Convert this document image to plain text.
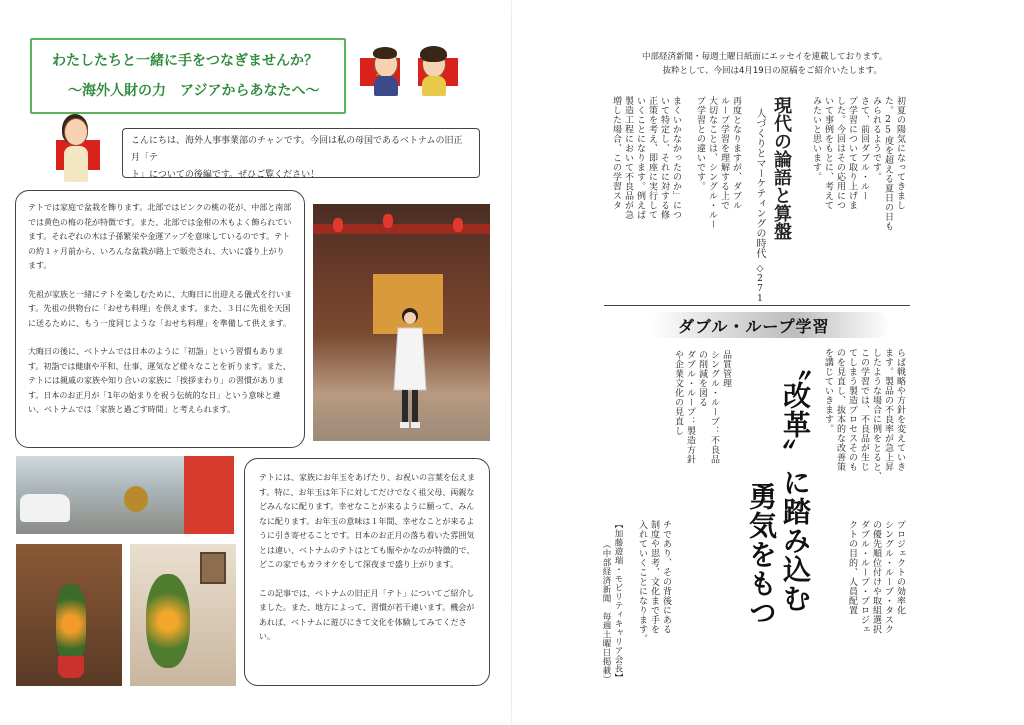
わたしたちと一緒に手をつなぎませんか？
～海外人財の力　アジアからあなたへ～
★
★
★
こんにちは、海外人事事業部のチャンです。今回は私の母国であるベトナムの旧正月「テ
ト」についての後編です。ぜひご覧ください！

テトでは家庭で盆栽を飾ります。北部ではピンクの桃の花が、中部と南部では黄色の梅の花が特徴です。また、北部では金柑の木もよく飾られています。それぞれの木は子孫繁栄や金運アップを意味しているのです。テトの約１ヶ月前から、いろんな盆栽が路上で販売され、大いに盛り上がります。

先祖が家族と一緒にテトを楽しむために、大晦日に出迎える儀式を行います。先祖の供物台に「おせち料理」を供えます。また、３日に先祖を天国に送るために、もう一度同じような「おせち料理」を準備して供えます。

大晦日の後に、ベトナムでは日本のように「初詣」という習慣もあります。初詣では健康や平和、仕事、運気など様々なことを祈ります。また、テトには親戚の家族や知り合いの家族に「挨拶まわり」の習慣があります。日本のお正月が「1年の始まりを祝う伝統的な日」という意味と違い、ベトナムでは「家族と過ごす時間」と考えられます。

テトには、家族にお年玉をあげたり、お祝いの言葉を伝えます。特に、お年玉は年下に対してだけでなく祖父母、両親などみんなに配ります。幸せなことが来るように願って、みんなに配ります。お年玉の意味は１年間、幸せなことが来るように引き寄せることです。日本のお正月の落ち着いた雰囲気とは違い、ベトナムのテトはとても賑やかなのが特徴的で、どこの家でもカラオケをして深夜まで盛り上がります。

この記事では、ベトナムの旧正月「テト」についてご紹介しました。また、地方によって、習慣が若干違います。機会があれば、ベトナムに遊びにきて文化を体験してみてください。

中部経済新聞・毎週土曜日紙面にエッセイを連載しております。
抜粋として、今回は4月19日の原稿をご紹介いたします。
初夏の陽気になってきまし
た。25度を超える夏日の日も
みられるようです。
さて、前回ダブル・ルー
プ学習について取り上げま
した。今回はその応用につ
いて事例をもとに、考えて
みたいと思います。
現代の論語と算盤
人づくりとマーケティングの時代
◇271
再度となりますが、ダブル
ループ学習を理解する上で
大切なことは、シングル・ルー
プ学習との違いです。
まくいかなかったのか」につ
いて特定し、それに対する修
正策を考え、即座に実行して
いくことになります。例えば
製造工程において不良品が急
増した場合、この学習スタ
ダブル・ループ学習
らば戦略や方針を変えていき
ます。製品の不良率が急上昇
したような場合に例をとると、
この学習では、不良品が生じ
てしまう製造プロセスそのも
のを見直し、抜本的な改善策
を講じていきます。
〝改革〟に踏み込む
勇気をもつ	プロジェクトの効率化
シングル・ループ・タスク
の優先順位付けや取組選択
ダブル・ループ・プロジェ
クトの目的、人員配置
品質管理
シングル・ループ：不良品
の削減を図る
ダブル・ループ：製造方針
や企業文化の見直し
チであり、その背後にある
制度や思考、文化まで手を
入れていくことになります。
【加藤遊瑞・モビリティキャリア会長】
（中部経済新聞　毎週土曜日掲載）
